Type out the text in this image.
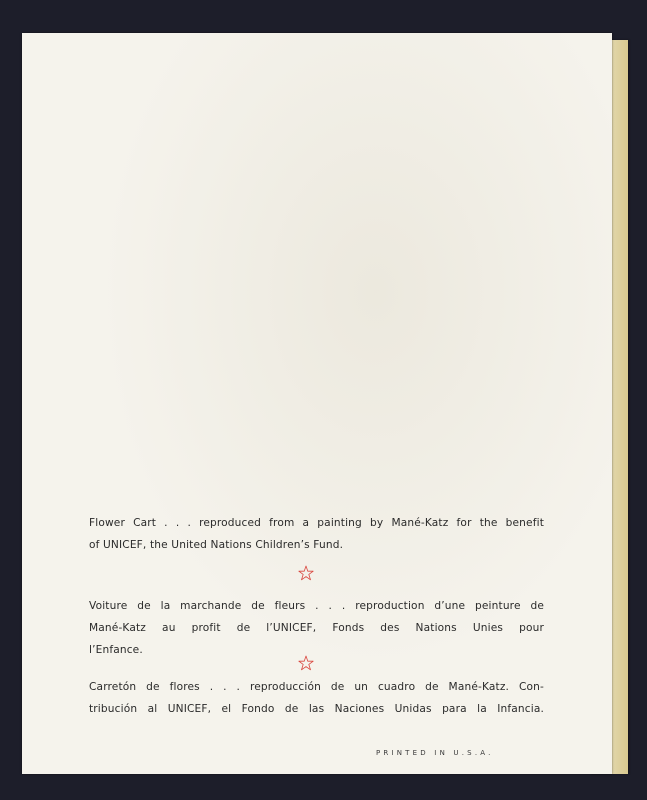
Flower Cart . . . reproduced from a painting by Mané-Katz for the benefit
of UNICEF, the United Nations Children’s Fund.
Voiture de la marchande de fleurs . . . reproduction d’une peinture de
Mané-Katz au profit de l’UNICEF, Fonds des Nations Unies pour
l’Enfance.
Carretón de flores . . . reproducción de un cuadro de Mané-Katz. Con-
tribución al UNICEF, el Fondo de las Naciones Unidas para la Infancia.
PRINTED IN U.S.A.
